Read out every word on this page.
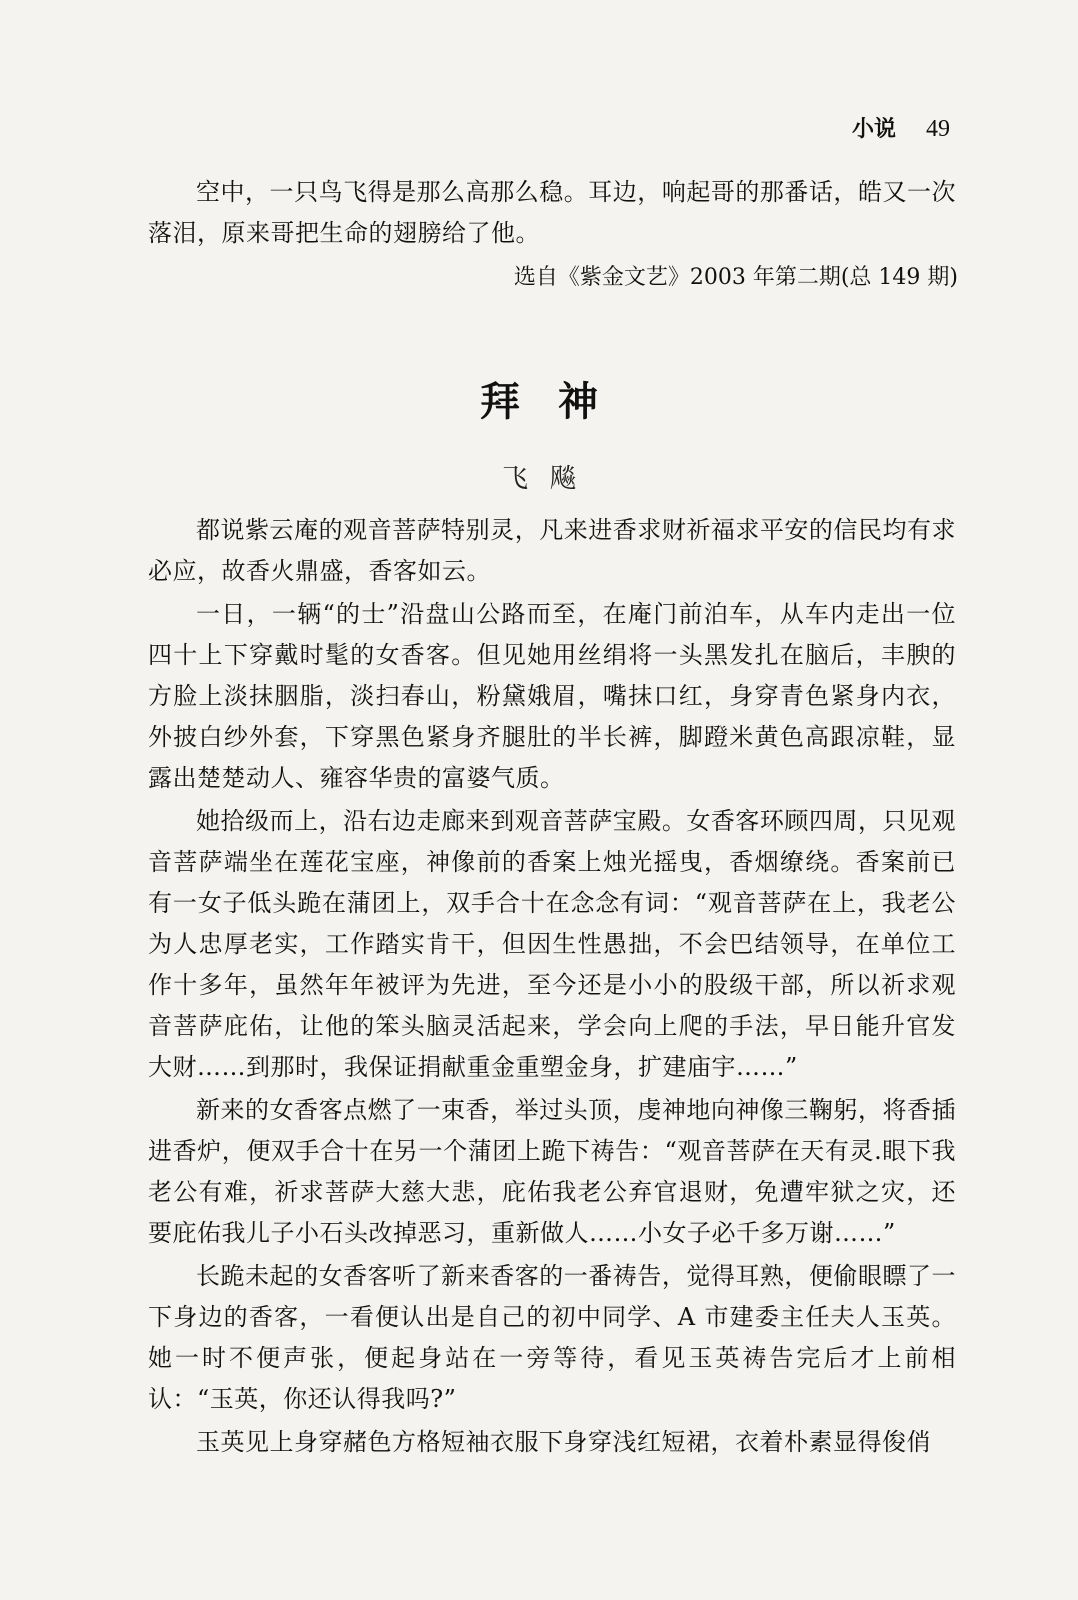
小说 49

空中，一只鸟飞得是那么高那么稳。耳边，响起哥的那番话，皓又一次落泪，原来哥把生命的翅膀给了他。

选自《紫金文艺》2003 年第二期(总 149 期)
拜神
飞飚

都说紫云庵的观音菩萨特别灵，凡来进香求财祈福求平安的信民均有求必应，故香火鼎盛，香客如云。

一日，一辆“的士”沿盘山公路而至，在庵门前泊车，从车内走出一位四十上下穿戴时髦的女香客。但见她用丝绢将一头黑发扎在脑后，丰腴的方脸上淡抹胭脂，淡扫春山，粉黛娥眉，嘴抹口红，身穿青色紧身内衣，外披白纱外套，下穿黑色紧身齐腿肚的半长裤，脚蹬米黄色高跟凉鞋，显露出楚楚动人、雍容华贵的富婆气质。

她拾级而上，沿右边走廊来到观音菩萨宝殿。女香客环顾四周，只见观音菩萨端坐在莲花宝座，神像前的香案上烛光摇曳，香烟缭绕。香案前已有一女子低头跪在蒲团上，双手合十在念念有词：“观音菩萨在上，我老公为人忠厚老实，工作踏实肯干，但因生性愚拙，不会巴结领导，在单位工作十多年，虽然年年被评为先进，至今还是小小的股级干部，所以祈求观音菩萨庇佑，让他的笨头脑灵活起来，学会向上爬的手法，早日能升官发大财……到那时，我保证捐献重金重塑金身，扩建庙宇……”

新来的女香客点燃了一束香，举过头顶，虔神地向神像三鞠躬，将香插进香炉，便双手合十在另一个蒲团上跪下祷告：“观音菩萨在天有灵.眼下我老公有难，祈求菩萨大慈大悲，庇佑我老公弃官退财，免遭牢狱之灾，还要庇佑我儿子小石头改掉恶习，重新做人……小女子必千多万谢……”

长跪未起的女香客听了新来香客的一番祷告，觉得耳熟，便偷眼瞟了一下身边的香客，一看便认出是自己的初中同学、A 市建委主任夫人玉英。她一时不便声张，便起身站在一旁等待，看见玉英祷告完后才上前相认：“玉英，你还认得我吗?”

玉英见上身穿赭色方格短袖衣服下身穿浅红短裙，衣着朴素显得俊俏
